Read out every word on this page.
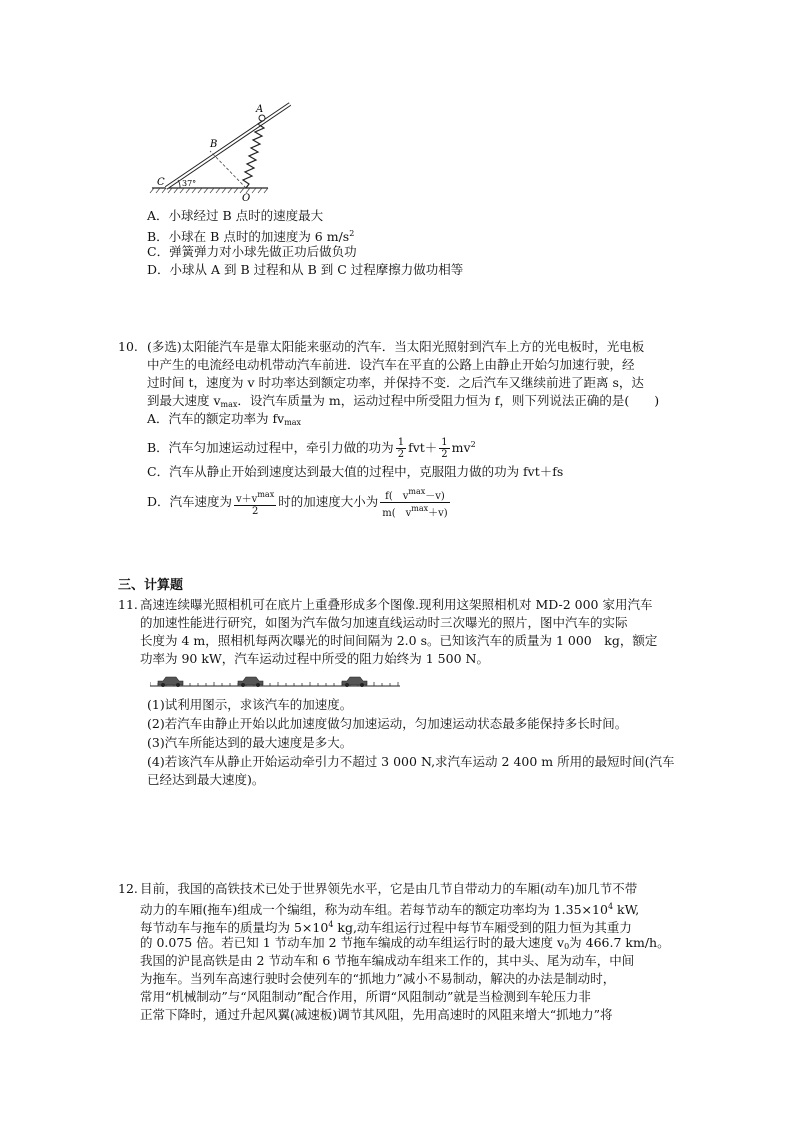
A
B
C
O
37°
A．小球经过 B 点时的速度最大
B．小球在 B 点时的加速度为 6 $m/s^2$
C．弹簧弹力对小球先做正功后做负功
D．小球从 A 到 B 过程和从 B 到 C 过程摩擦力做功相等
10. (多选)太阳能汽车是靠太阳能来驱动的汽车．当太阳光照射到汽车上方的光电板时，光电板
中产生的电流经电动机带动汽车前进．设汽车在平直的公路上由静止开始匀加速行驶，经
过时间 t，速度为 v 时功率达到额定功率，并保持不变．之后汽车又继续前进了距离 s，达
到最大速度 $v_{max}$．设汽车质量为 m，运动过程中所受阻力恒为 f，则下列说法正确的是(　　)
A．汽车的额定功率为 $fv_{max}$
B．汽车匀加速运动过程中，牵引力做的功为 $\frac{1}{2} fvt+ \frac{1}{2} mv^2$
C．汽车从静止开始到速度达到最大值的过程中，克服阻力做的功为 fvt＋fs
D．汽车速度为 $\frac{v+v^{max}}{2}$ 时的加速度大小为 $\frac{f( v^{max}-v)}{m( v^{max}+v)}$
三、计算题
11. 高速连续曝光照相机可在底片上重叠形成多个图像.现利用这架照相机对 MD-2 000 家用汽车
的加速性能进行研究，如图为汽车做匀加速直线运动时三次曝光的照片，图中汽车的实际
长度为 4 m，照相机每两次曝光的时间间隔为 2.0 s。已知该汽车的质量为 1 000　kg，额定
功率为 90 kW，汽车运动过程中所受的阻力始终为 1 500 N。
(1)试利用图示，求该汽车的加速度。
(2)若汽车由静止开始以此加速度做匀加速运动，匀加速运动状态最多能保持多长时间。
(3)汽车所能达到的最大速度是多大。
(4)若该汽车从静止开始运动牵引力不超过 3 000 N,求汽车运动 2 400 m 所用的最短时间(汽车
已经达到最大速度)。
12. 目前，我国的高铁技术已处于世界领先水平，它是由几节自带动力的车厢(动车)加几节不带
动力的车厢(拖车)组成一个编组，称为动车组。若每节动车的额定功率均为 $1.35\times 10^4$ kW,
每节动车与拖车的质量均为 $5\times 10^4$ kg,动车组运行过程中每节车厢受到的阻力恒为其重力
的 0.075 倍。若已知 1 节动车加 2 节拖车编成的动车组运行时的最大速度 $v_0$为 466.7 km/h。
我国的沪昆高铁是由 2 节动车和 6 节拖车编成动车组来工作的，其中头、尾为动车，中间
为拖车。当列车高速行驶时会使列车的“抓地力”减小不易制动，解决的办法是制动时，
常用“机械制动”与“风阻制动”配合作用，所谓“风阻制动”就是当检测到车轮压力非
正常下降时，通过升起风翼(减速板)调节其风阻，先用高速时的风阻来增大“抓地力”将
